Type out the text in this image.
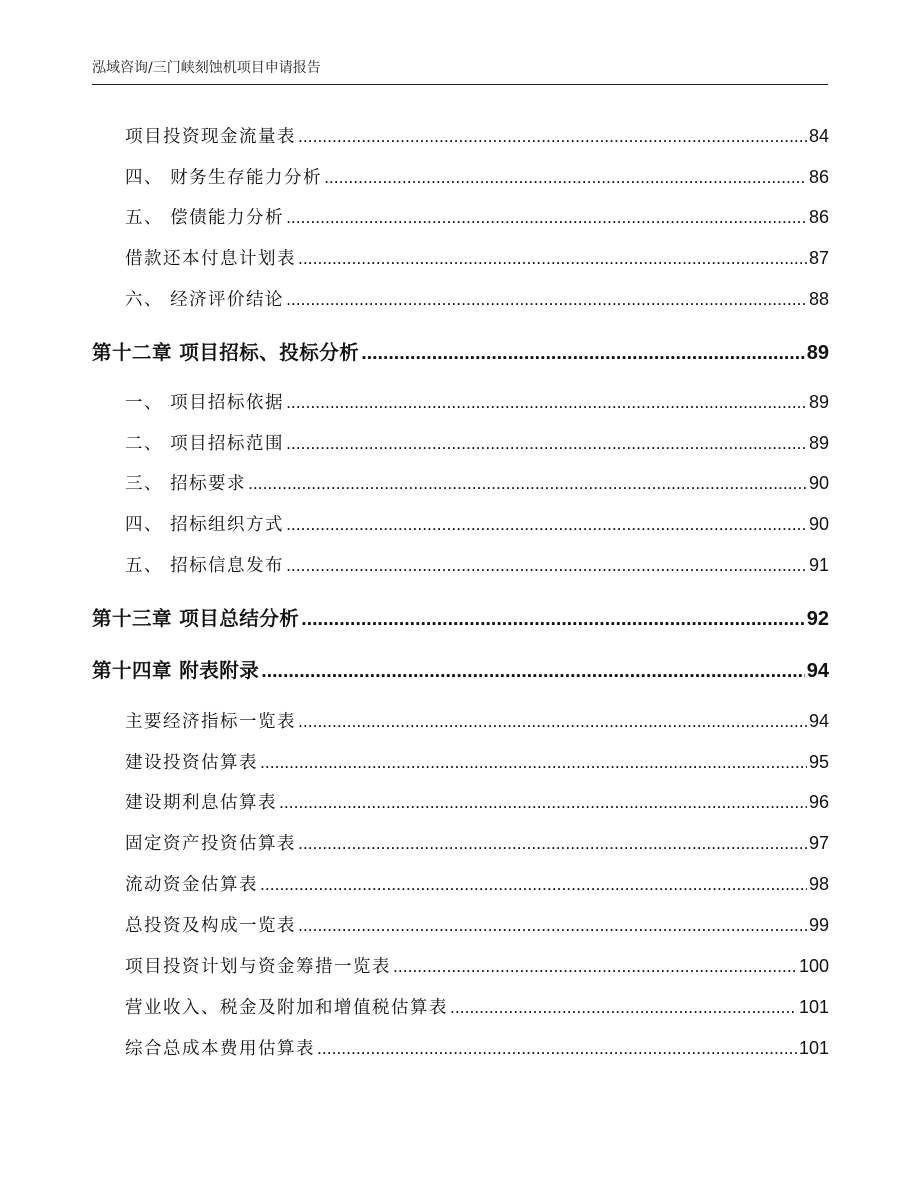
泓域咨询/三门峡刻蚀机项目申请报告
项目投资现金流量表 .....	84
四、 财务生存能力分析 .....	86
五、 偿债能力分析 .....	86
借款还本付息计划表 .....	87
六、 经济评价结论 .....	88
第十二章 项目招标、投标分析 .....	89
一、 项目招标依据 .....	89
二、 项目招标范围 .....	89
三、 招标要求 .....	90
四、 招标组织方式 .....	90
五、 招标信息发布 .....	91
第十三章 项目总结分析 .....	92
第十四章 附表附录 .....	94
主要经济指标一览表 .....	94
建设投资估算表 .....	95
建设期利息估算表 .....	96
固定资产投资估算表 .....	97
流动资金估算表 .....	98
总投资及构成一览表 .....	99
项目投资计划与资金筹措一览表 .....	100
营业收入、税金及附加和增值税估算表 .....	101
综合总成本费用估算表 .....	101
